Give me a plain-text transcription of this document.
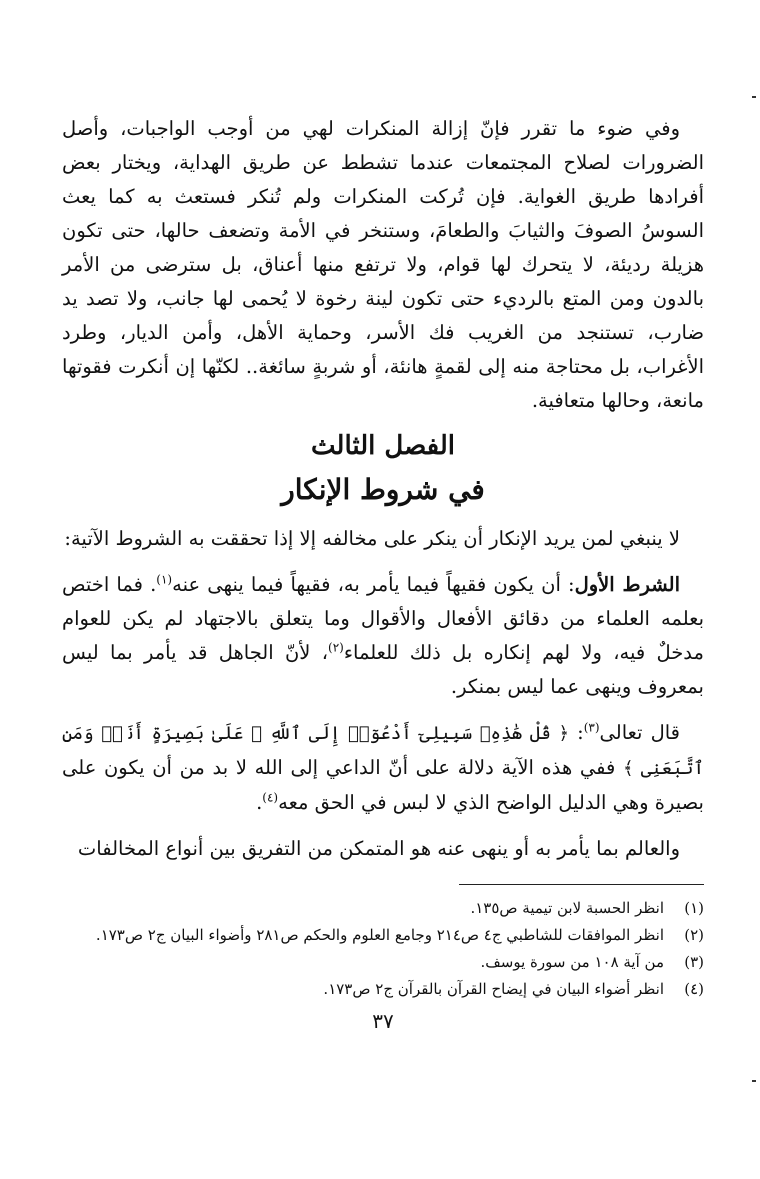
وفي ضوء ما تقرر فإنّ إزالة المنكرات لهي من أوجب الواجبات، وأصل الضرورات لصلاح المجتمعات عندما تشطط عن طريق الهداية، ويختار بعض أفرادها طريق الغواية. فإن تُركت المنكرات ولم تُنكر فستعث به كما يعث السوسُ الصوفَ والثيابَ والطعامَ، وستنخر في الأمة وتضعف حالها، حتى تكون هزيلة رديئة، لا يتحرك لها قوام، ولا ترتفع منها أعناق، بل سترضى من الأمر بالدون ومن المتع بالرديء حتى تكون لينة رخوة لا يُحمى لها جانب، ولا تصد يد ضارب، تستنجد من الغريب فك الأسر، وحماية الأهل، وأمن الديار، وطرد الأغراب، بل محتاجة منه إلى لقمةٍ هانئة، أو شربةٍ سائغة.. لكنّها إن أنكرت فقوتها مانعة، وحالها متعافية.

الفصل الثالث
في شروط الإنكار

لا ينبغي لمن يريد الإنكار أن ينكر على مخالفه إلا إذا تحققت به الشروط الآتية:

الشرط الأول: أن يكون فقيهاً فيما يأمر به، فقيهاً فيما ينهى عنه$^{(١)}$. فما اختص بعلمه العلماء من دقائق الأفعال والأقوال وما يتعلق بالاجتهاد لم يكن للعوام مدخلٌ فيه، ولا لهم إنكاره بل ذلك للعلماء$^{(٢)}$، لأنّ الجاهل قد يأمر بما ليس بمعروف وينهى عما ليس بمنكر.

قال تعالى$^{(٣)}$: ﴿ قُلْ هَٰذِهِۦ سَبِيلِىٓ أَدْعُوٓا۟ إِلَى ٱللَّهِ ۚ عَلَىٰ بَصِيرَةٍ أَنَا۠ وَمَنِ ٱتَّبَعَنِى ﴾ ففي هذه الآية دلالة على أنّ الداعي إلى الله لا بد من أن يكون على بصيرة وهي الدليل الواضح الذي لا لبس في الحق معه$^{(٤)}$.

والعالم بما يأمر به أو ينهى عنه هو المتمكن من التفريق بين أنواع المخالفات

(١)
انظر الحسبة لابن تيمية ص١٣٥.
(٢)
انظر الموافقات للشاطبي ج٤ ص٢١٤ وجامع العلوم والحكم ص٢٨١ وأضواء البيان ج٢ ص١٧٣.
(٣)
من آية ١٠٨ من سورة يوسف.
(٤)
انظر أضواء البيان في إيضاح القرآن بالقرآن ج٢ ص١٧٣.
٣٧
